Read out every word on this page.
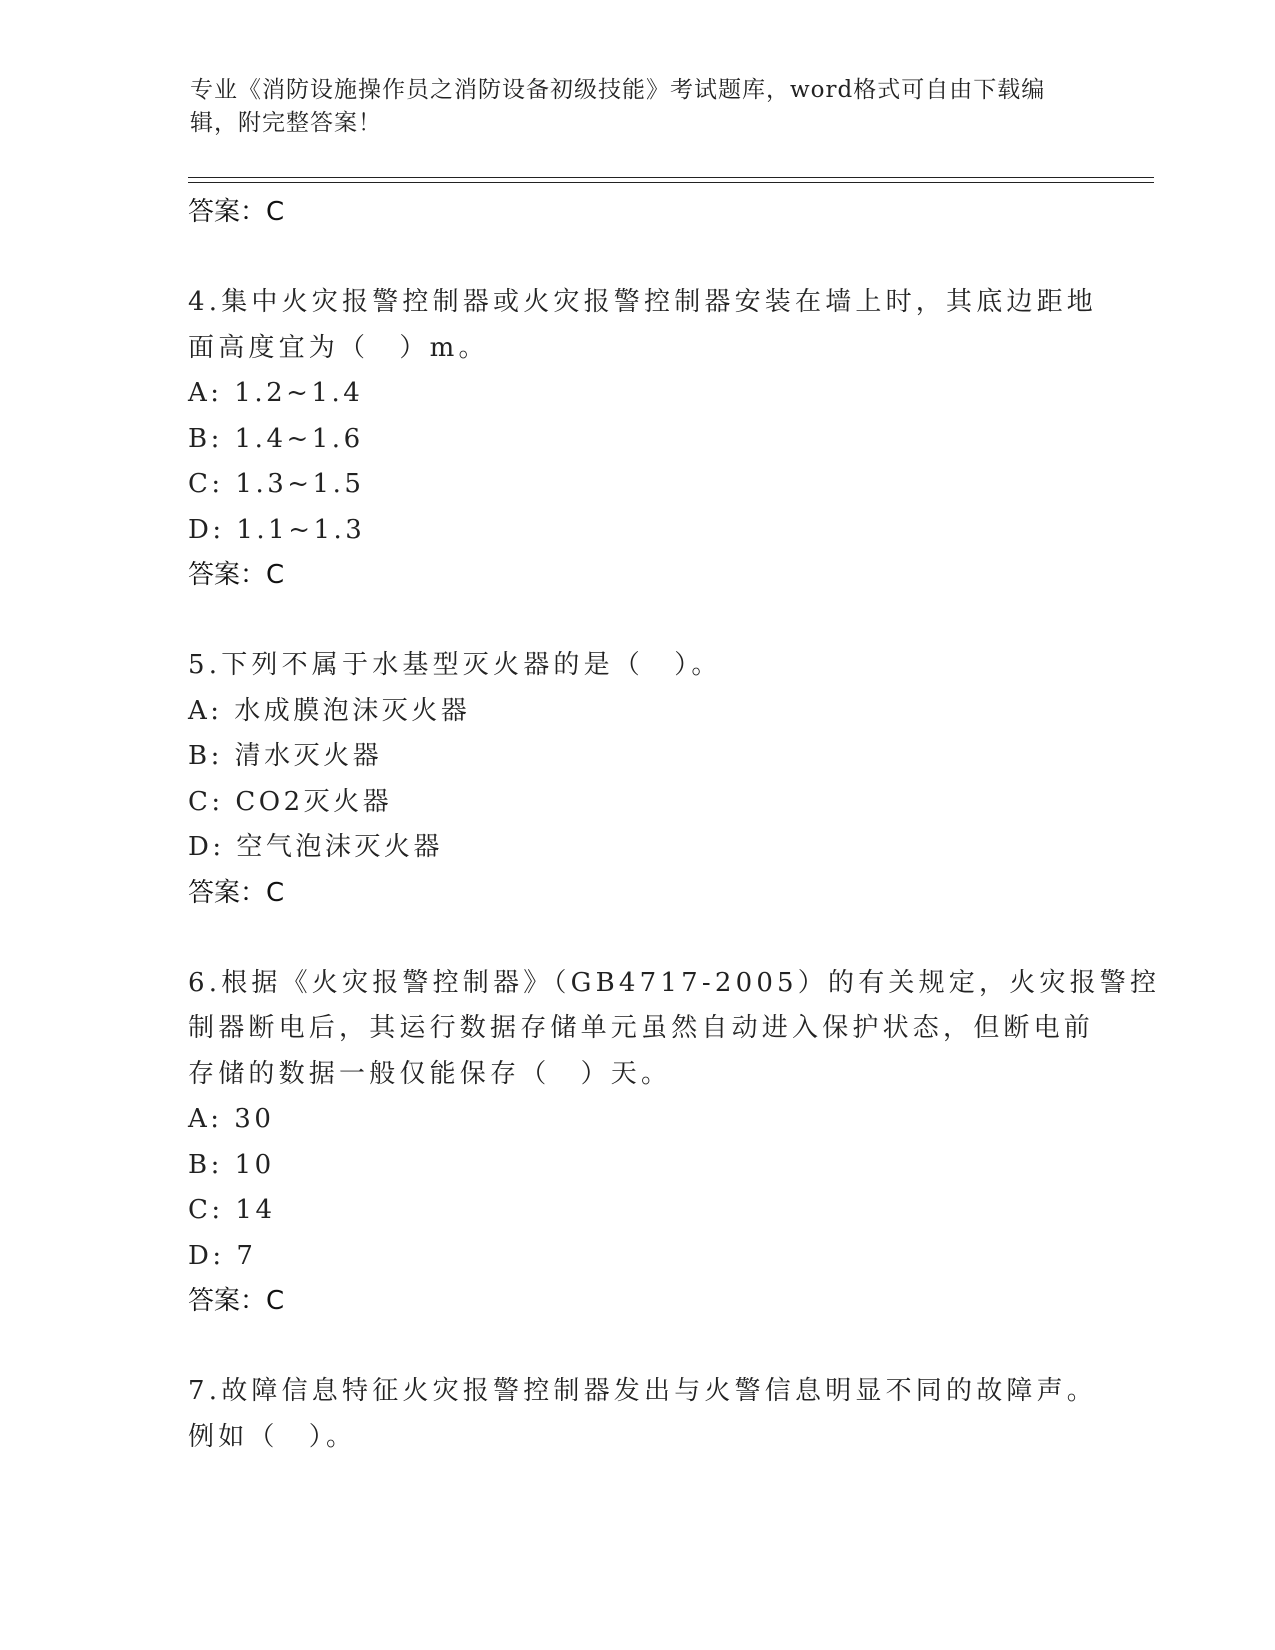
专业《消防设施操作员之消防设备初级技能》考试题库，word格式可自由下载编
辑，附完整答案！
答案：C
4.集中火灾报警控制器或火灾报警控制器安装在墙上时，其底边距地
面高度宜为（　）m。
A: 1.2~1.4
B: 1.4~1.6
C: 1.3~1.5
D: 1.1~1.3
答案：C
5.下列不属于水基型灭火器的是（　）。
A: 水成膜泡沫灭火器
B: 清水灭火器
C: CO2灭火器
D: 空气泡沫灭火器
答案：C
6.根据《火灾报警控制器》（GB4717-2005）的有关规定，火灾报警控
制器断电后，其运行数据存储单元虽然自动进入保护状态，但断电前
存储的数据一般仅能保存（　）天。
A: 30
B: 10
C: 14
D: 7
答案：C
7.故障信息特征火灾报警控制器发出与火警信息明显不同的故障声。
例如（　）。
